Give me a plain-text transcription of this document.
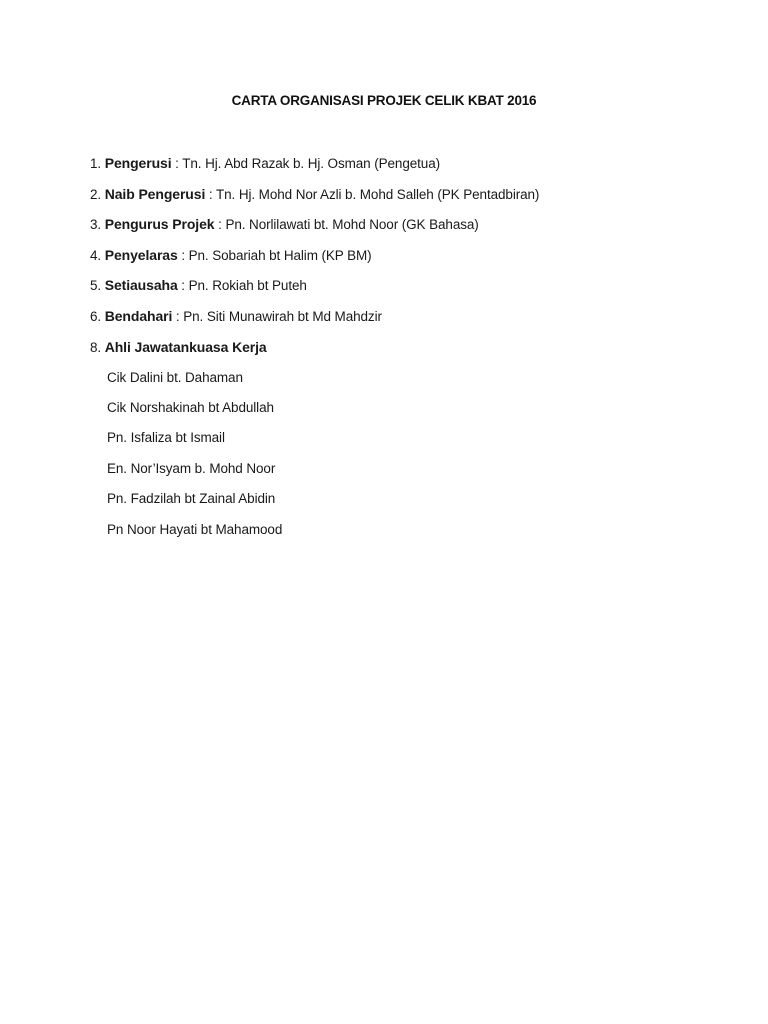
CARTA ORGANISASI PROJEK CELIK KBAT 2016
1. Pengerusi : Tn. Hj. Abd Razak b. Hj. Osman (Pengetua)
2. Naib Pengerusi : Tn. Hj. Mohd Nor Azli b. Mohd Salleh (PK Pentadbiran)
3. Pengurus Projek : Pn. Norlilawati bt. Mohd Noor (GK Bahasa)
4. Penyelaras : Pn. Sobariah bt Halim (KP BM)
5. Setiausaha : Pn. Rokiah bt Puteh
6. Bendahari : Pn. Siti Munawirah bt Md Mahdzir
8. Ahli Jawatankuasa Kerja
Cik Dalini bt. Dahaman
Cik Norshakinah bt Abdullah
Pn. Isfaliza bt Ismail
En. Nor’Isyam b. Mohd Noor
Pn. Fadzilah bt Zainal Abidin
Pn Noor Hayati bt Mahamood
